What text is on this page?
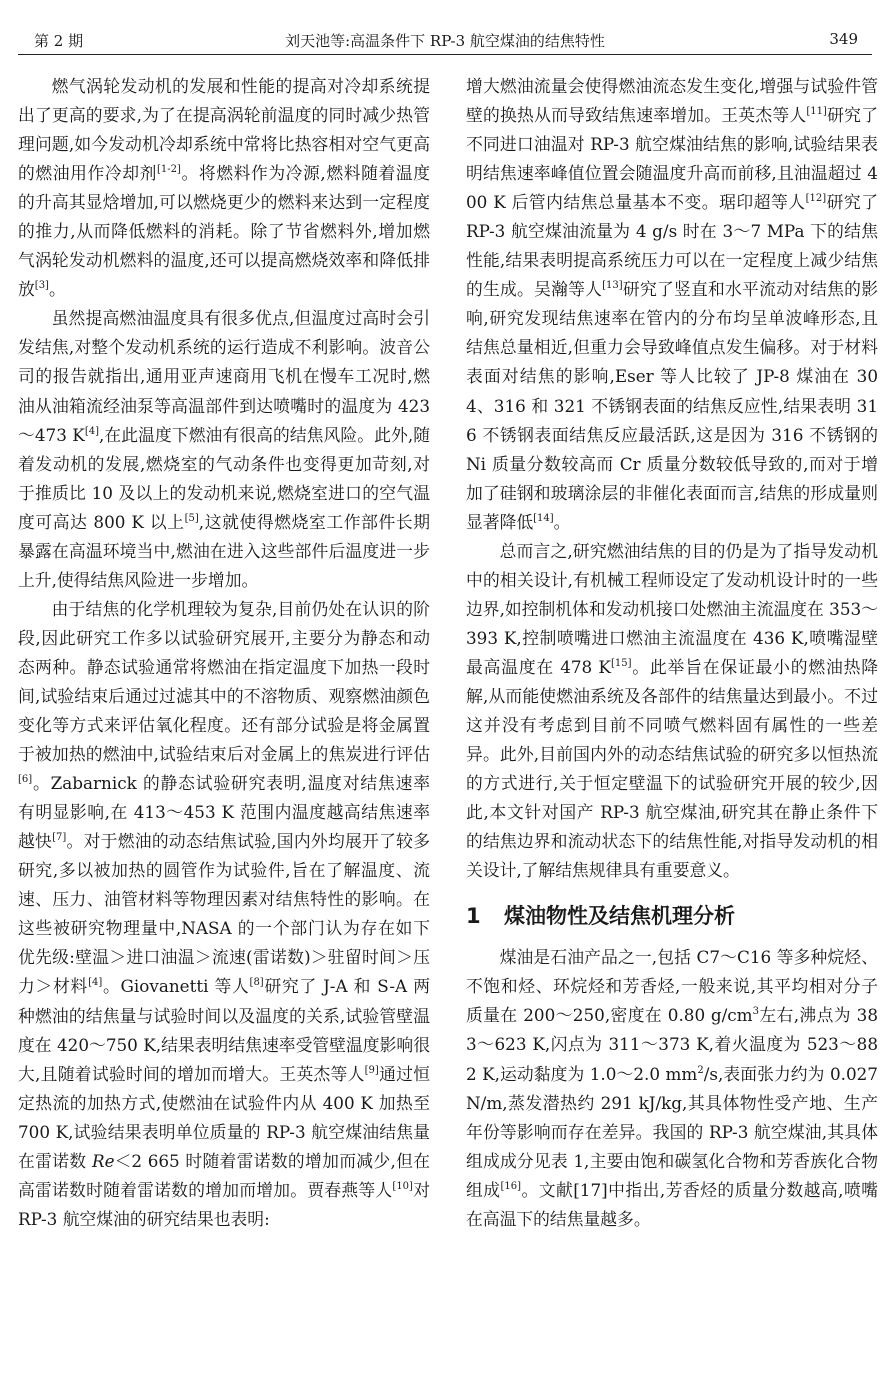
第 2 期	刘天池等:高温条件下 RP-3 航空煤油的结焦特性	349

燃气涡轮发动机的发展和性能的提高对冷却系统提出了更高的要求,为了在提高涡轮前温度的同时减少热管理问题,如今发动机冷却系统中常将比热容相对空气更高的燃油用作冷却剂[1-2]。将燃料作为冷源,燃料随着温度的升高其显焓增加,可以燃烧更少的燃料来达到一定程度的推力,从而降低燃料的消耗。除了节省燃料外,增加燃气涡轮发动机燃料的温度,还可以提高燃烧效率和降低排放[3]。

虽然提高燃油温度具有很多优点,但温度过高时会引发结焦,对整个发动机系统的运行造成不利影响。波音公司的报告就指出,通用亚声速商用飞机在慢车工况时,燃油从油箱流经油泵等高温部件到达喷嘴时的温度为 423～473 K[4],在此温度下燃油有很高的结焦风险。此外,随着发动机的发展,燃烧室的气动条件也变得更加苛刻,对于推质比 10 及以上的发动机来说,燃烧室进口的空气温度可高达 800 K 以上[5],这就使得燃烧室工作部件长期暴露在高温环境当中,燃油在进入这些部件后温度进一步上升,使得结焦风险进一步增加。

由于结焦的化学机理较为复杂,目前仍处在认识的阶段,因此研究工作多以试验研究展开,主要分为静态和动态两种。静态试验通常将燃油在指定温度下加热一段时间,试验结束后通过过滤其中的不溶物质、观察燃油颜色变化等方式来评估氧化程度。还有部分试验是将金属置于被加热的燃油中,试验结束后对金属上的焦炭进行评估[6]。Zabarnick 的静态试验研究表明,温度对结焦速率有明显影响,在 413～453 K 范围内温度越高结焦速率越快[7]。对于燃油的动态结焦试验,国内外均展开了较多研究,多以被加热的圆管作为试验件,旨在了解温度、流速、压力、油管材料等物理因素对结焦特性的影响。在这些被研究物理量中,NASA 的一个部门认为存在如下优先级:壁温＞进口油温＞流速(雷诺数)＞驻留时间＞压力＞材料[4]。Giovanetti 等人[8]研究了 J-A 和 S-A 两种燃油的结焦量与试验时间以及温度的关系,试验管壁温度在 420～750 K,结果表明结焦速率受管壁温度影响很大,且随着试验时间的增加而增大。王英杰等人[9]通过恒定热流的加热方式,使燃油在试验件内从 400 K 加热至 700 K,试验结果表明单位质量的 RP-3 航空煤油结焦量在雷诺数 Re＜2 665 时随着雷诺数的增加而减少,但在高雷诺数时随着雷诺数的增加而增加。贾春燕等人[10]对 RP-3 航空煤油的研究结果也表明:

增大燃油流量会使得燃油流态发生变化,增强与试验件管壁的换热从而导致结焦速率增加。王英杰等人[11]研究了不同进口油温对 RP-3 航空煤油结焦的影响,试验结果表明结焦速率峰值位置会随温度升高而前移,且油温超过 400 K 后管内结焦总量基本不变。琚印超等人[12]研究了 RP-3 航空煤油流量为 4 g/s 时在 3～7 MPa 下的结焦性能,结果表明提高系统压力可以在一定程度上减少结焦的生成。吴瀚等人[13]研究了竖直和水平流动对结焦的影响,研究发现结焦速率在管内的分布均呈单波峰形态,且结焦总量相近,但重力会导致峰值点发生偏移。对于材料表面对结焦的影响,Eser 等人比较了 JP-8 煤油在 304、316 和 321 不锈钢表面的结焦反应性,结果表明 316 不锈钢表面结焦反应最活跃,这是因为 316 不锈钢的 Ni 质量分数较高而 Cr 质量分数较低导致的,而对于增加了硅钢和玻璃涂层的非催化表面而言,结焦的形成量则显著降低[14]。

总而言之,研究燃油结焦的目的仍是为了指导发动机中的相关设计,有机械工程师设定了发动机设计时的一些边界,如控制机体和发动机接口处燃油主流温度在 353～393 K,控制喷嘴进口燃油主流温度在 436 K,喷嘴湿壁最高温度在 478 K[15]。此举旨在保证最小的燃油热降解,从而能使燃油系统及各部件的结焦量达到最小。不过这并没有考虑到目前不同喷气燃料固有属性的一些差异。此外,目前国内外的动态结焦试验的研究多以恒热流的方式进行,关于恒定壁温下的试验研究开展的较少,因此,本文针对国产 RP-3 航空煤油,研究其在静止条件下的结焦边界和流动状态下的结焦性能,对指导发动机的相关设计,了解结焦规律具有重要意义。

1 煤油物性及结焦机理分析

煤油是石油产品之一,包括 C7～C16 等多种烷烃、不饱和烃、环烷烃和芳香烃,一般来说,其平均相对分子质量在 200～250,密度在 0.80 $g/cm^3$左右,沸点为 383～623 K,闪点为 311～373 K,着火温度为 523～882 K,运动黏度为 1.0～2.0 $mm^2/s$,表面张力约为 0.027 N/m,蒸发潜热约 291 kJ/kg,其具体物性受产地、生产年份等影响而存在差异。我国的 RP-3 航空煤油,其具体组成成分见表 1,主要由饱和碳氢化合物和芳香族化合物组成[16]。文献[17]中指出,芳香烃的质量分数越高,喷嘴在高温下的结焦量越多。
